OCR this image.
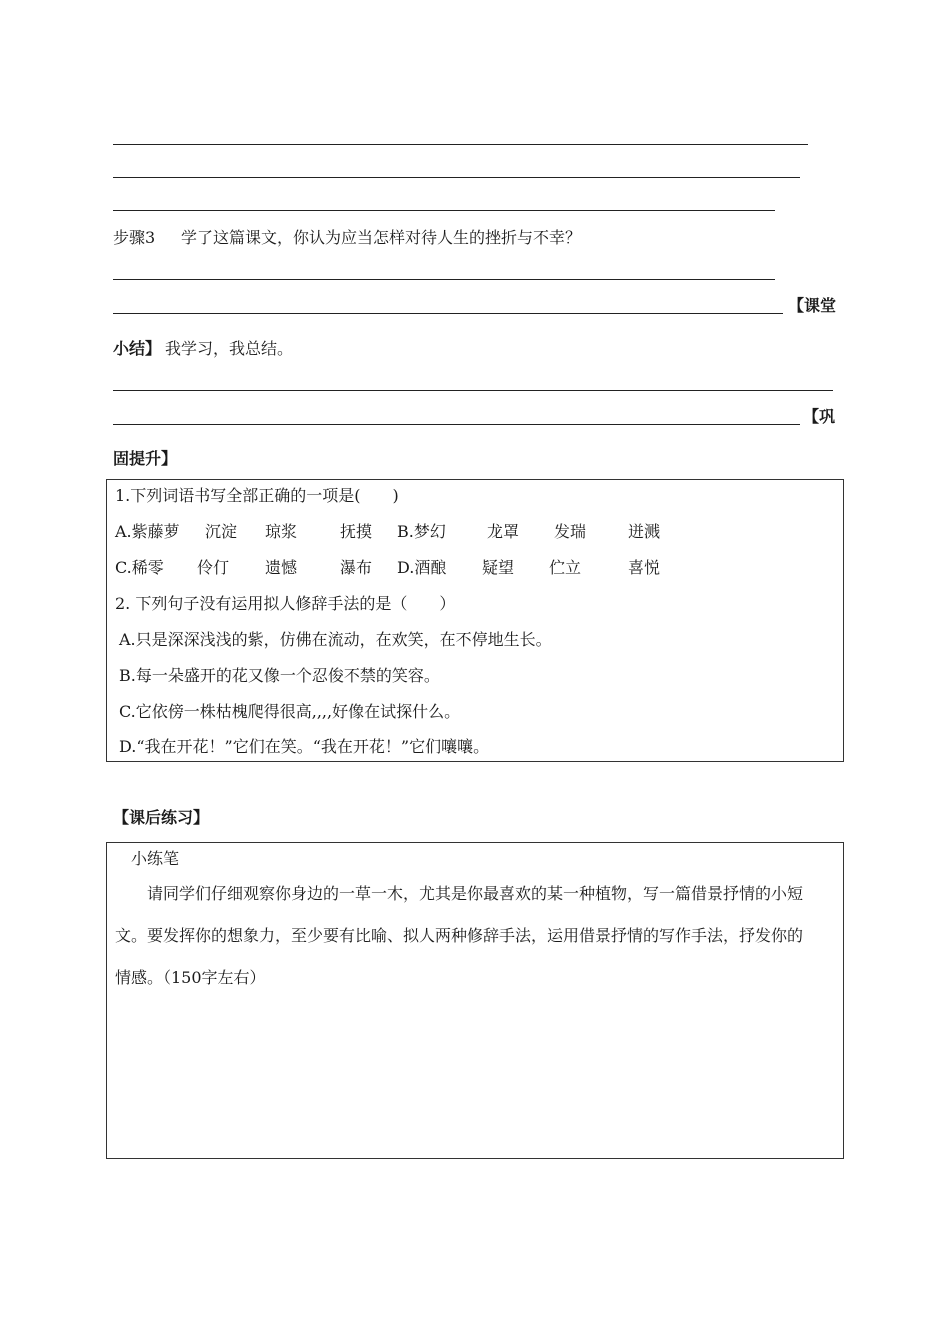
步骤3 学了这篇课文，你认为应当怎样对待人生的挫折与不幸？
【课堂
小结】 我学习，我总结。
【巩
固提升】
1.下列词语书写全部正确的一项是(　　)
A.紫藤萝 沉淀 琼浆	抚摸 B.梦幻	龙罩 发瑞	迸溅
C.稀零 伶仃 遗憾	瀑布 D.酒酿 疑望 伫立	喜悦
2. 下列句子没有运用拟人修辞手法的是（　　）
A.只是深深浅浅的紫，仿佛在流动，在欢笑，在不停地生长。
B.每一朵盛开的花又像一个忍俊不禁的笑容。
C.它依傍一株枯槐爬得很高,,,,好像在试探什么。
D.“我在开花！”它们在笑。“我在开花！”它们嚷嚷。
【课后练习】
小练笔
请同学们仔细观察你身边的一草一木，尤其是你最喜欢的某一种植物，写一篇借景抒情的小短
文。要发挥你的想象力，至少要有比喻、拟人两种修辞手法，运用借景抒情的写作手法，抒发你的
情感。（150字左右）
